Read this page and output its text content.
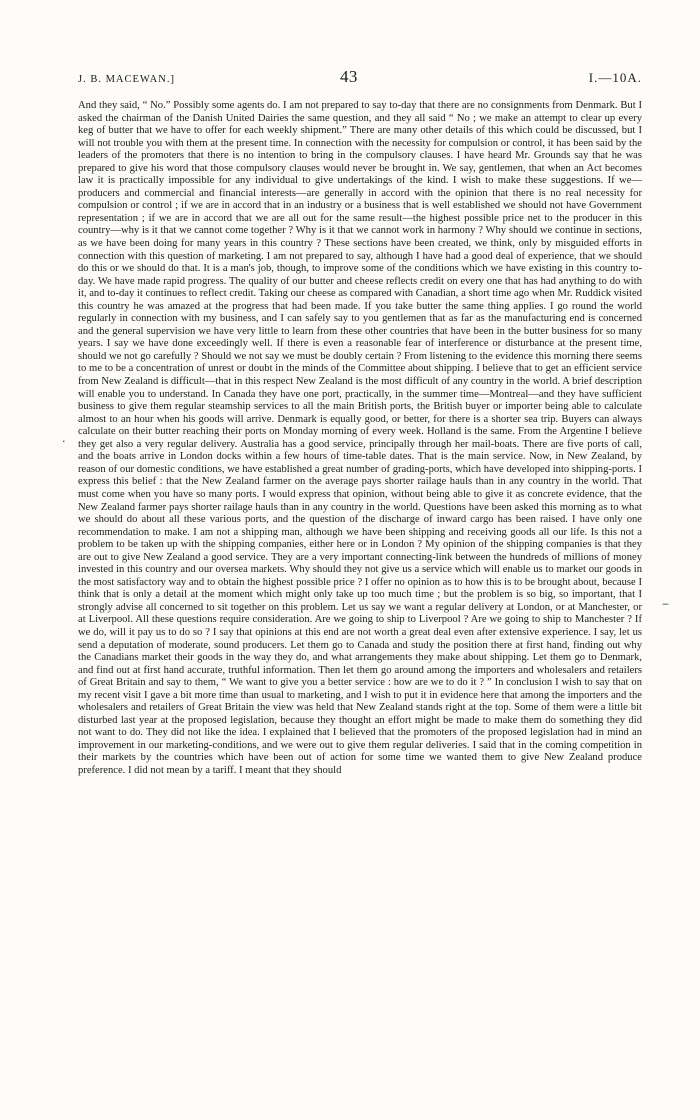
J. B. MACEWAN.]	43	I.—10A.

And they said, “ No.” Possibly some agents do. I am not prepared to say to-day that there are no consignments from Denmark. But I asked the chairman of the Danish United Dairies the same question, and they all said “ No ; we make an attempt to clear up every keg of butter that we have to offer for each weekly shipment.” There are many other details of this which could be discussed, but I will not trouble you with them at the present time. In connection with the necessity for compulsion or control, it has been said by the leaders of the promoters that there is no intention to bring in the compulsory clauses. I have heard Mr. Grounds say that he was prepared to give his word that those compulsory clauses would never be brought in. We say, gentlemen, that when an Act becomes law it is practically impossible for any individual to give undertakings of the kind. I wish to make these suggestions. If we—producers and commercial and financial interests—are generally in accord with the opinion that there is no real necessity for compulsion or control ; if we are in accord that in an industry or a business that is well established we should not have Government representation ; if we are in accord that we are all out for the same result—the highest possible price net to the producer in this country—why is it that we cannot come together ? Why is it that we cannot work in harmony ? Why should we continue in sections, as we have been doing for many years in this country ? These sections have been created, we think, only by misguided efforts in connection with this question of marketing. I am not prepared to say, although I have had a good deal of experience, that we should do this or we should do that. It is a man's job, though, to improve some of the conditions which we have existing in this country to-day. We have made rapid progress. The quality of our butter and cheese reflects credit on every one that has had anything to do with it, and to-day it continues to reflect credit. Taking our cheese as compared with Canadian, a short time ago when Mr. Ruddick visited this country he was amazed at the progress that had been made. If you take butter the same thing applies. I go round the world regularly in connection with my business, and I can safely say to you gentlemen that as far as the manufacturing end is concerned and the general supervision we have very little to learn from these other countries that have been in the butter business for so many years. I say we have done exceedingly well. If there is even a reasonable fear of interference or disturbance at the present time, should we not go carefully ? Should we not say we must be doubly certain ? From listening to the evidence this morning there seems to me to be a concentration of unrest or doubt in the minds of the Committee about shipping. I believe that to get an efficient service from New Zealand is difficult—that in this respect New Zealand is the most difficult of any country in the world. A brief description will enable you to understand. In Canada they have one port, practically, in the summer time—Montreal—and they have sufficient business to give them regular steamship services to all the main British ports, the British buyer or importer being able to calculate almost to an hour when his goods will arrive. Denmark is equally good, or better, for there is a shorter sea trip. Buyers can always calculate on their butter reaching their ports on Monday morning of every week. Holland is the same. From the Argentine I believe they get also a very regular delivery. Australia has a good service, principally through her mail-boats. There are five ports of call, and the boats arrive in London docks within a few hours of time-table dates. That is the main service. Now, in New Zealand, by reason of our domestic conditions, we have established a great number of grading-ports, which have developed into shipping-ports. I express this belief : that the New Zealand farmer on the average pays shorter railage hauls than in any country in the world. That must come when you have so many ports. I would express that opinion, without being able to give it as concrete evidence, that the New Zealand farmer pays shorter railage hauls than in any country in the world. Questions have been asked this morning as to what we should do about all these various ports, and the question of the discharge of inward cargo has been raised. I have only one recommendation to make. I am not a shipping man, although we have been shipping and receiving goods all our life. Is this not a problem to be taken up with the shipping companies, either here or in London ? My opinion of the shipping companies is that they are out to give New Zealand a good service. They are a very important connecting-link between the hundreds of millions of money invested in this country and our oversea markets. Why should they not give us a service which will enable us to market our goods in the most satisfactory way and to obtain the highest possible price ? I offer no opinion as to how this is to be brought about, because I think that is only a detail at the moment which might only take up too much time ; but the problem is so big, so important, that I strongly advise all concerned to sit together on this problem. Let us say we want a regular delivery at London, or at Manchester, or at Liverpool. All these questions require consideration. Are we going to ship to Liverpool ? Are we going to ship to Manchester ? If we do, will it pay us to do so ? I say that opinions at this end are not worth a great deal even after extensive experience. I say, let us send a deputation of moderate, sound producers. Let them go to Canada and study the position there at first hand, finding out why the Canadians market their goods in the way they do, and what arrangements they make about shipping. Let them go to Denmark, and find out at first hand accurate, truthful information. Then let them go around among the importers and wholesalers and retailers of Great Britain and say to them, “ We want to give you a better service : how are we to do it ? ” In conclusion I wish to say that on my recent visit I gave a bit more time than usual to marketing, and I wish to put it in evidence here that among the importers and the wholesalers and retailers of Great Britain the view was held that New Zealand stands right at the top. Some of them were a little bit disturbed last year at the proposed legislation, because they thought an effort might be made to make them do something they did not want to do. They did not like the idea. I explained that I believed that the promoters of the proposed legislation had in mind an improvement in our marketing-conditions, and we were out to give them regular deliveries. I said that in the coming competition in their markets by the countries which have been out of action for some time we wanted them to give New Zealand produce preference. I did not mean by a tariff. I meant that they should

‧
‒
